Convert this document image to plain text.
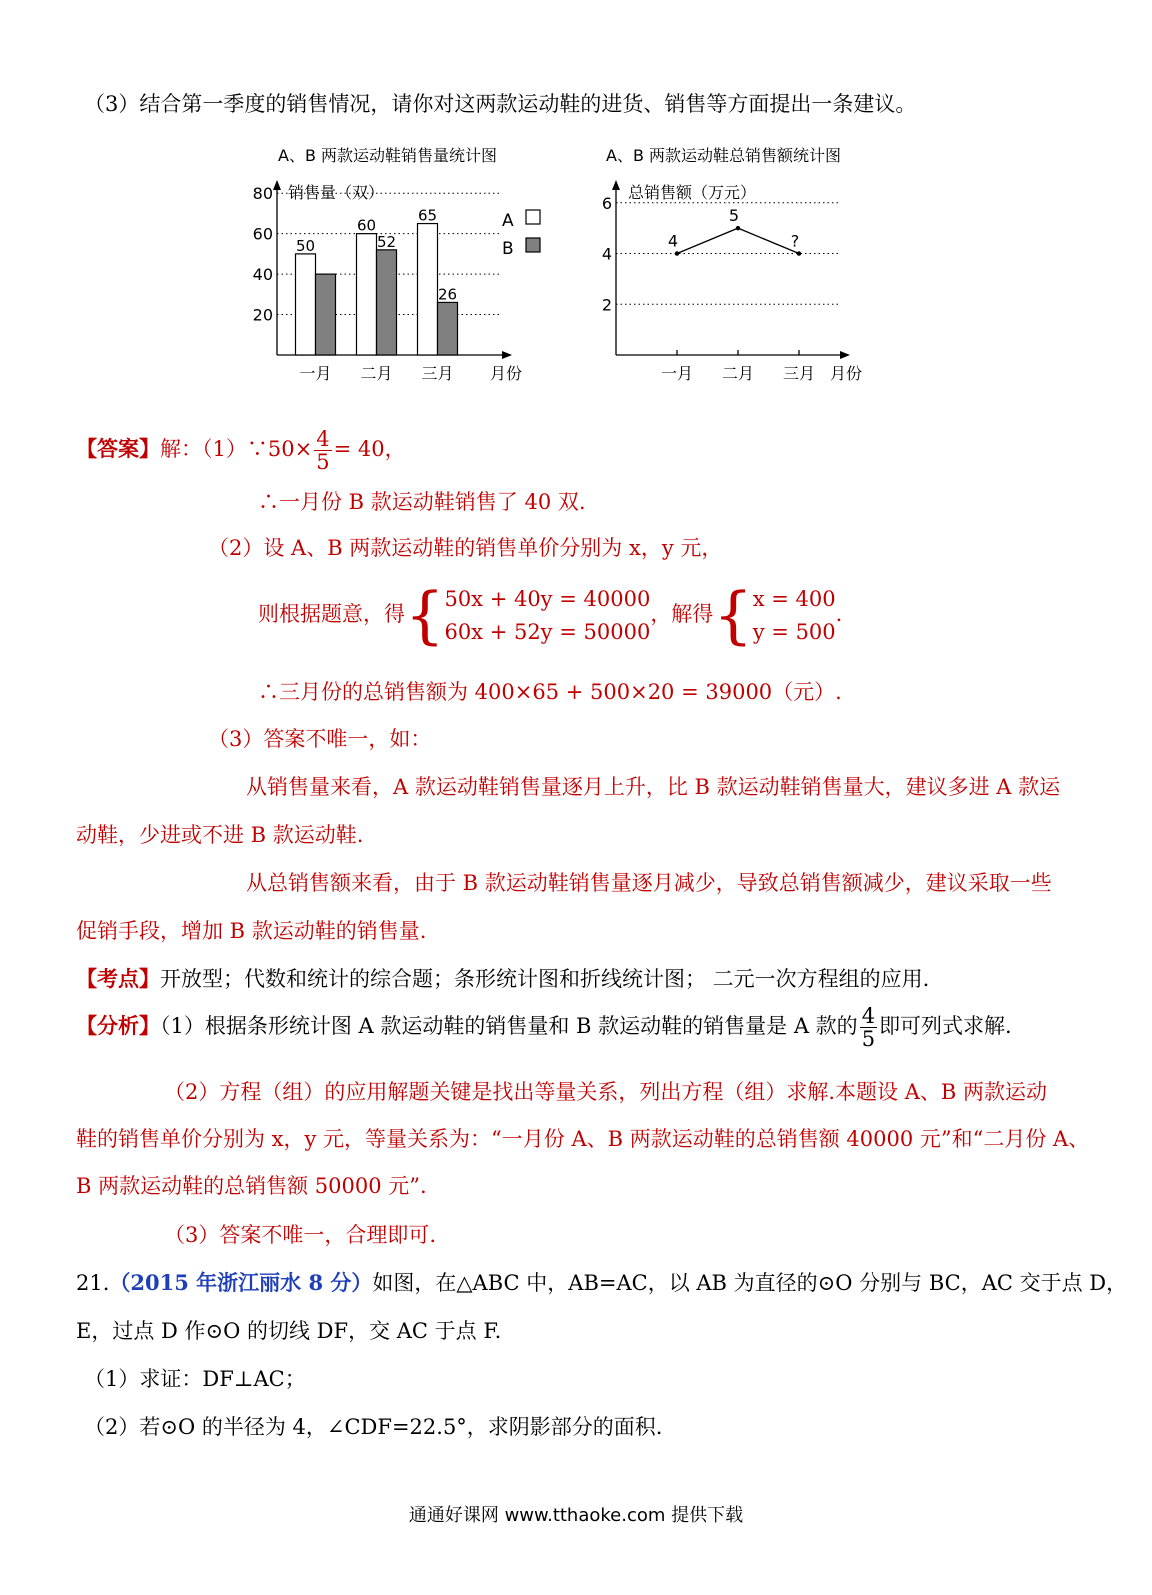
（3）结合第一季度的销售情况，请你对这两款运动鞋的进货、销售等方面提出一条建议。
A、B 两款运动鞋销售量统计图
销售量（双）
月份
20
40
60
80
50
一月
60
52
二月
65
26
三月
A
B
A、B 两款运动鞋总销售额统计图
总销售额（万元）
月份
2
4
6
4
一月
5
二月
?
三月
【答案】解：（1）∵50× $\frac{4}{5} = 40$，
∴一月份 B 款运动鞋销售了 40 双.
（2）设 A、B 两款运动鞋的销售单价分别为 x，y 元，
则根据题意，得{ 50x + 40y = 40000
60x + 52y = 50000
，解得{ x = 400
y = 500
.
∴三月份的总销售额为 400×65 + 500×20 = 39000（元）.
（3）答案不唯一，如：
从销售量来看，A 款运动鞋销售量逐月上升，比 B 款运动鞋销售量大，建议多进 A 款运
动鞋，少进或不进 B 款运动鞋.
从总销售额来看，由于 B 款运动鞋销售量逐月减少，导致总销售额减少，建议采取一些
促销手段，增加 B 款运动鞋的销售量.
【考点】开放型；代数和统计的综合题；条形统计图和折线统计图； 二元一次方程组的应用.
【分析】（1）根据条形统计图 A 款运动鞋的销售量和 B 款运动鞋的销售量是 A 款的 $\frac{4}{5}$ 即可列式求解.
（2）方程（组）的应用解题关键是找出等量关系，列出方程（组）求解.本题设 A、B 两款运动
鞋的销售单价分别为 x，y 元，等量关系为：“一月份 A、B 两款运动鞋的总销售额 40000 元”和“二月份 A、
B 两款运动鞋的总销售额 50000 元”.
（3）答案不唯一，合理即可.
21.（2015 年浙江丽水 8 分）如图，在△ABC 中，AB=AC，以 AB 为直径的⊙O 分别与 BC，AC 交于点 D，
E，过点 D 作⊙O 的切线 DF，交 AC 于点 F.
（1）求证：DF⊥AC；
（2）若⊙O 的半径为 4，∠CDF=22.5°，求阴影部分的面积.
通通好课网 www.tthaoke.com 提供下载
